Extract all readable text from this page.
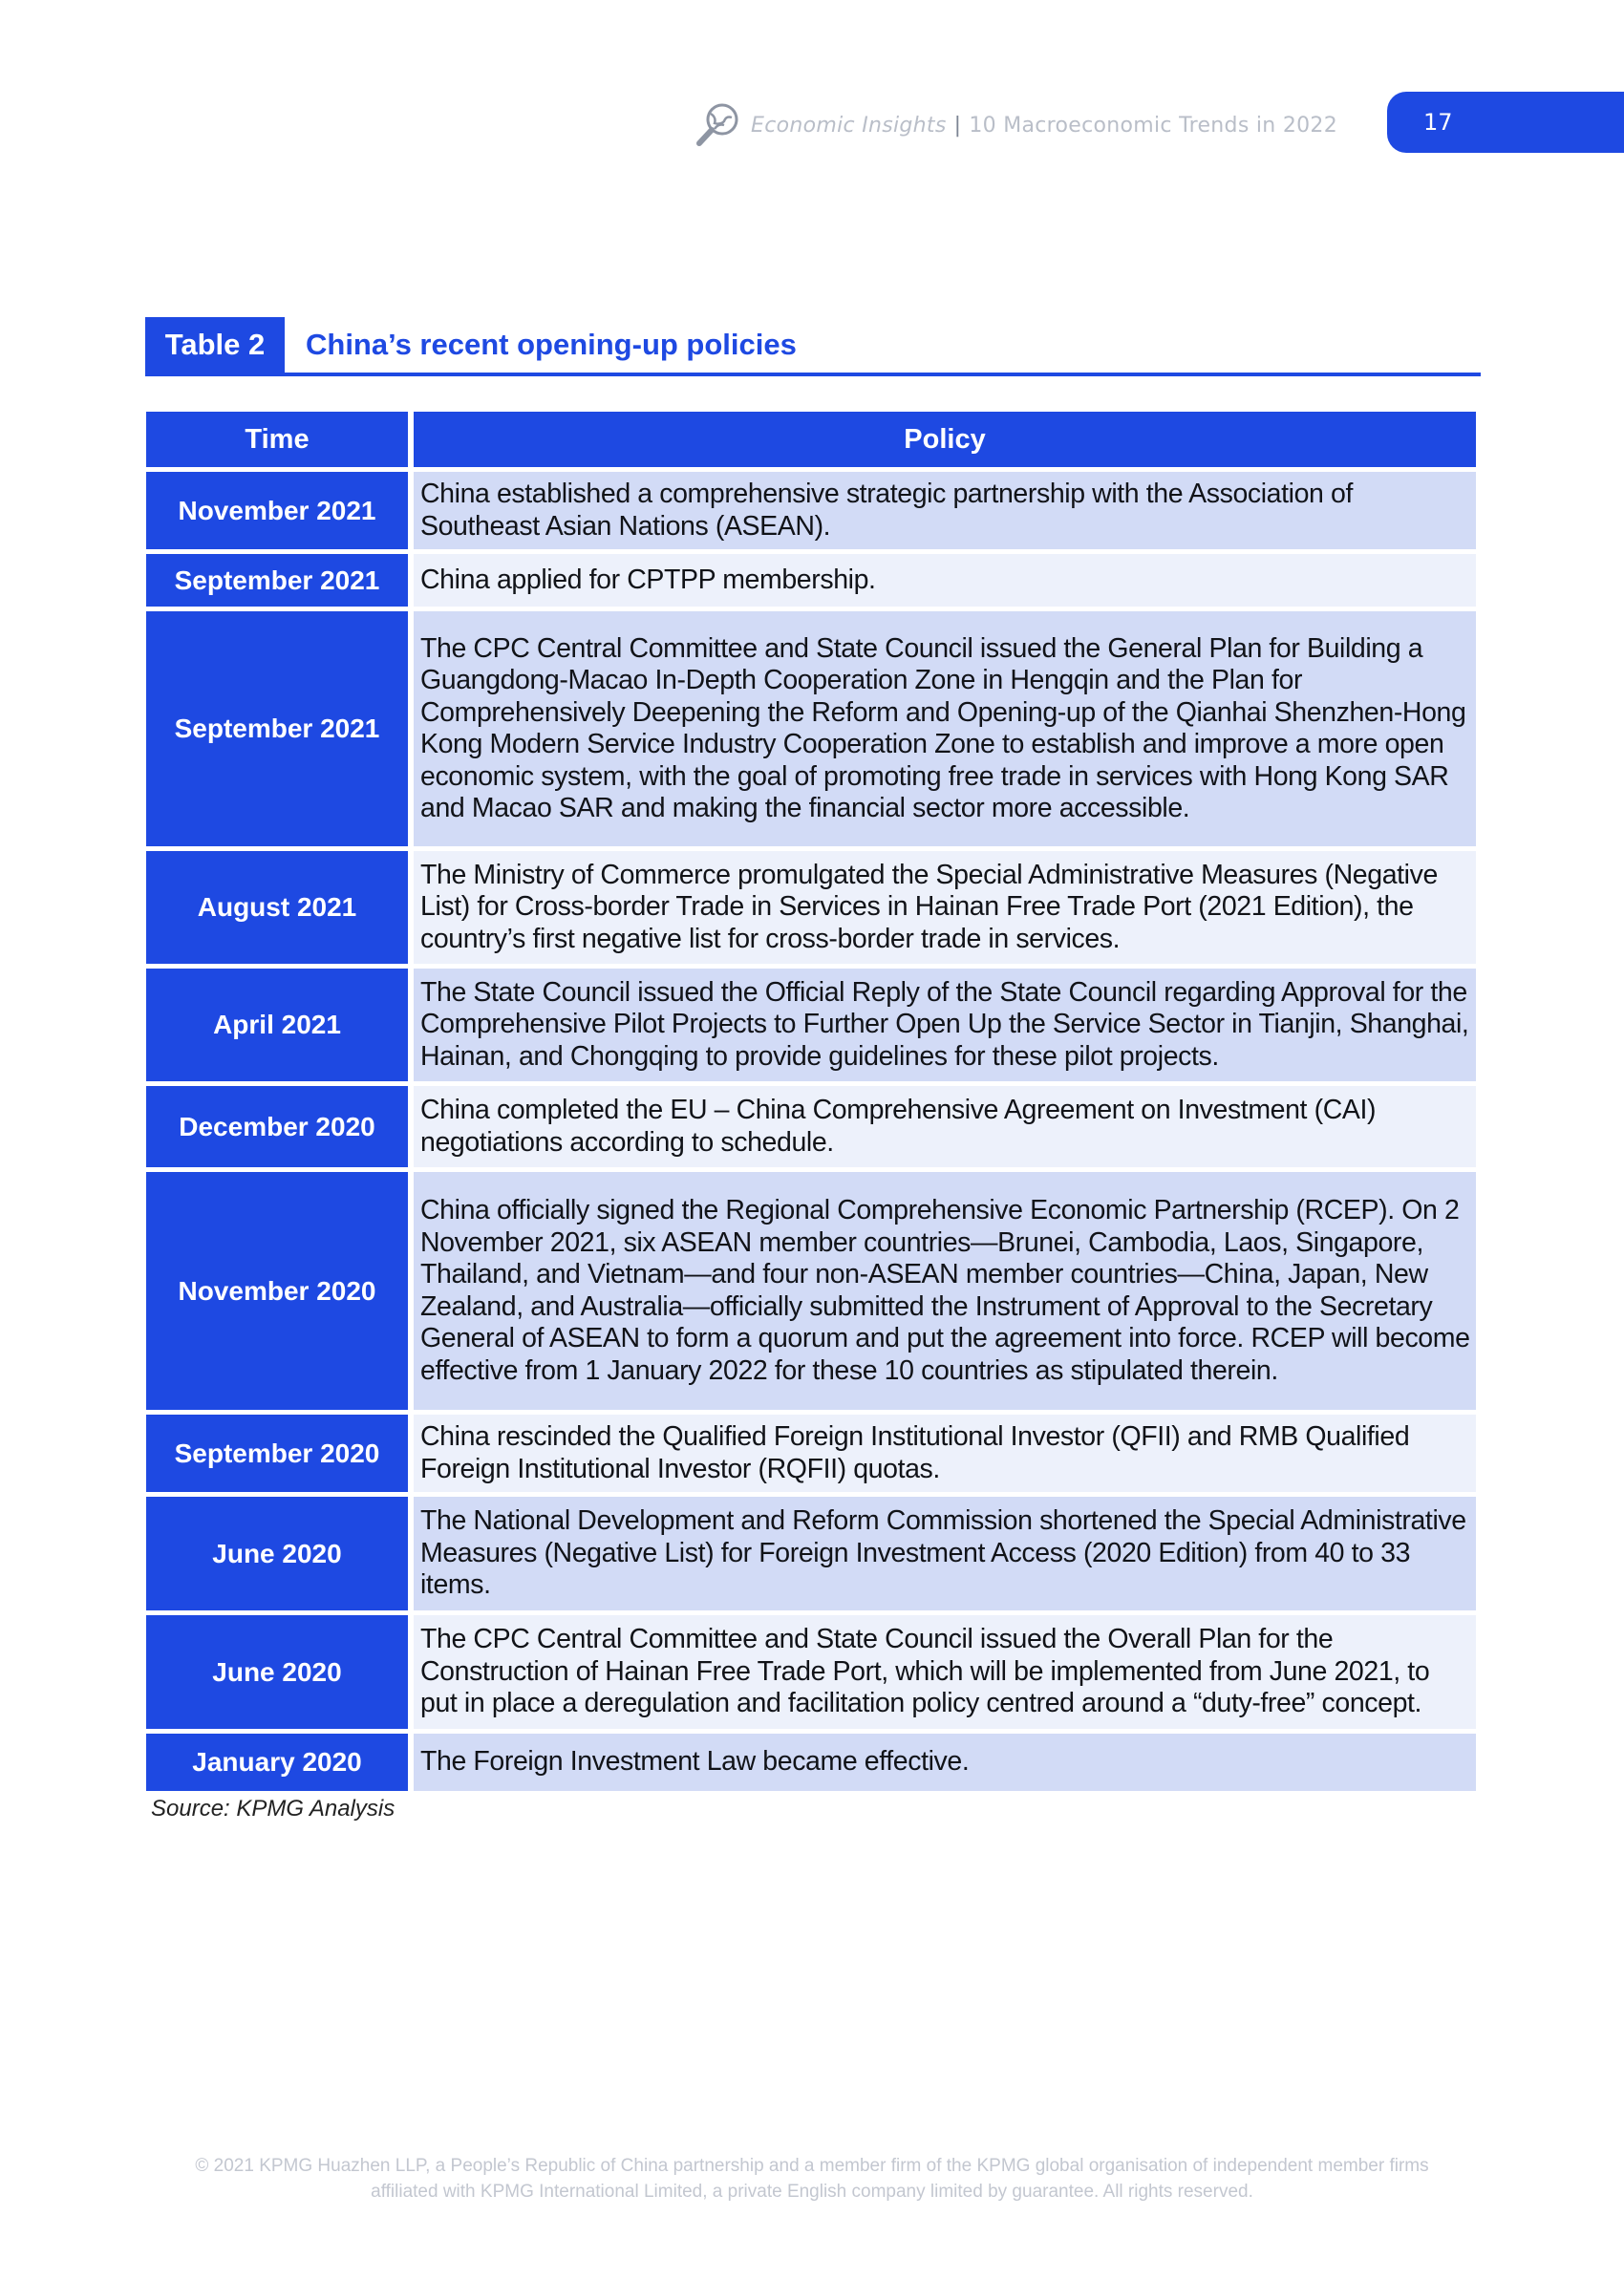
Economic Insights | 10 Macroeconomic Trends in 2022	17
Table 2	China’s recent opening-up policies
Time	Policy
November 2021	China established a comprehensive strategic partnership with the Association of Southeast Asian Nations (ASEAN).
September 2021	China applied for CPTPP membership.
September 2021	The CPC Central Committee and State Council issued the General Plan for Building a Guangdong-Macao In-Depth Cooperation Zone in Hengqin and the Plan for Comprehensively Deepening the Reform and Opening-up of the Qianhai Shenzhen-Hong Kong Modern Service Industry Cooperation Zone to establish and improve a more open economic system, with the goal of promoting free trade in services with Hong Kong SAR and Macao SAR and making the financial sector more accessible.
August 2021	The Ministry of Commerce promulgated the Special Administrative Measures (Negative List) for Cross-border Trade in Services in Hainan Free Trade Port (2021 Edition), the country’s first negative list for cross-border trade in services.
April 2021	The State Council issued the Official Reply of the State Council regarding Approval for the Comprehensive Pilot Projects to Further Open Up the Service Sector in Tianjin, Shanghai, Hainan, and Chongqing to provide guidelines for these pilot projects.
December 2020	China completed the EU – China Comprehensive Agreement on Investment (CAI) negotiations according to schedule.
November 2020	China officially signed the Regional Comprehensive Economic Partnership (RCEP). On 2 November 2021, six ASEAN member countries—Brunei, Cambodia, Laos, Singapore, Thailand, and Vietnam—and four non-ASEAN member countries—China, Japan, New Zealand, and Australia—officially submitted the Instrument of Approval to the Secretary General of ASEAN to form a quorum and put the agreement into force. RCEP will become effective from 1 January 2022 for these 10 countries as stipulated therein.
September 2020	China rescinded the Qualified Foreign Institutional Investor (QFII) and RMB Qualified Foreign Institutional Investor (RQFII) quotas.
June 2020	The National Development and Reform Commission shortened the Special Administrative Measures (Negative List) for Foreign Investment Access (2020 Edition) from 40 to 33 items.
June 2020	The CPC Central Committee and State Council issued the Overall Plan for the Construction of Hainan Free Trade Port, which will be implemented from June 2021, to put in place a deregulation and facilitation policy centred around a “duty-free” concept.
January 2020	The Foreign Investment Law became effective.
Source: KPMG Analysis
© 2021 KPMG Huazhen LLP, a People’s Republic of China partnership and a member firm of the KPMG global organisation of independent member firms
affiliated with KPMG International Limited, a private English company limited by guarantee. All rights reserved.
